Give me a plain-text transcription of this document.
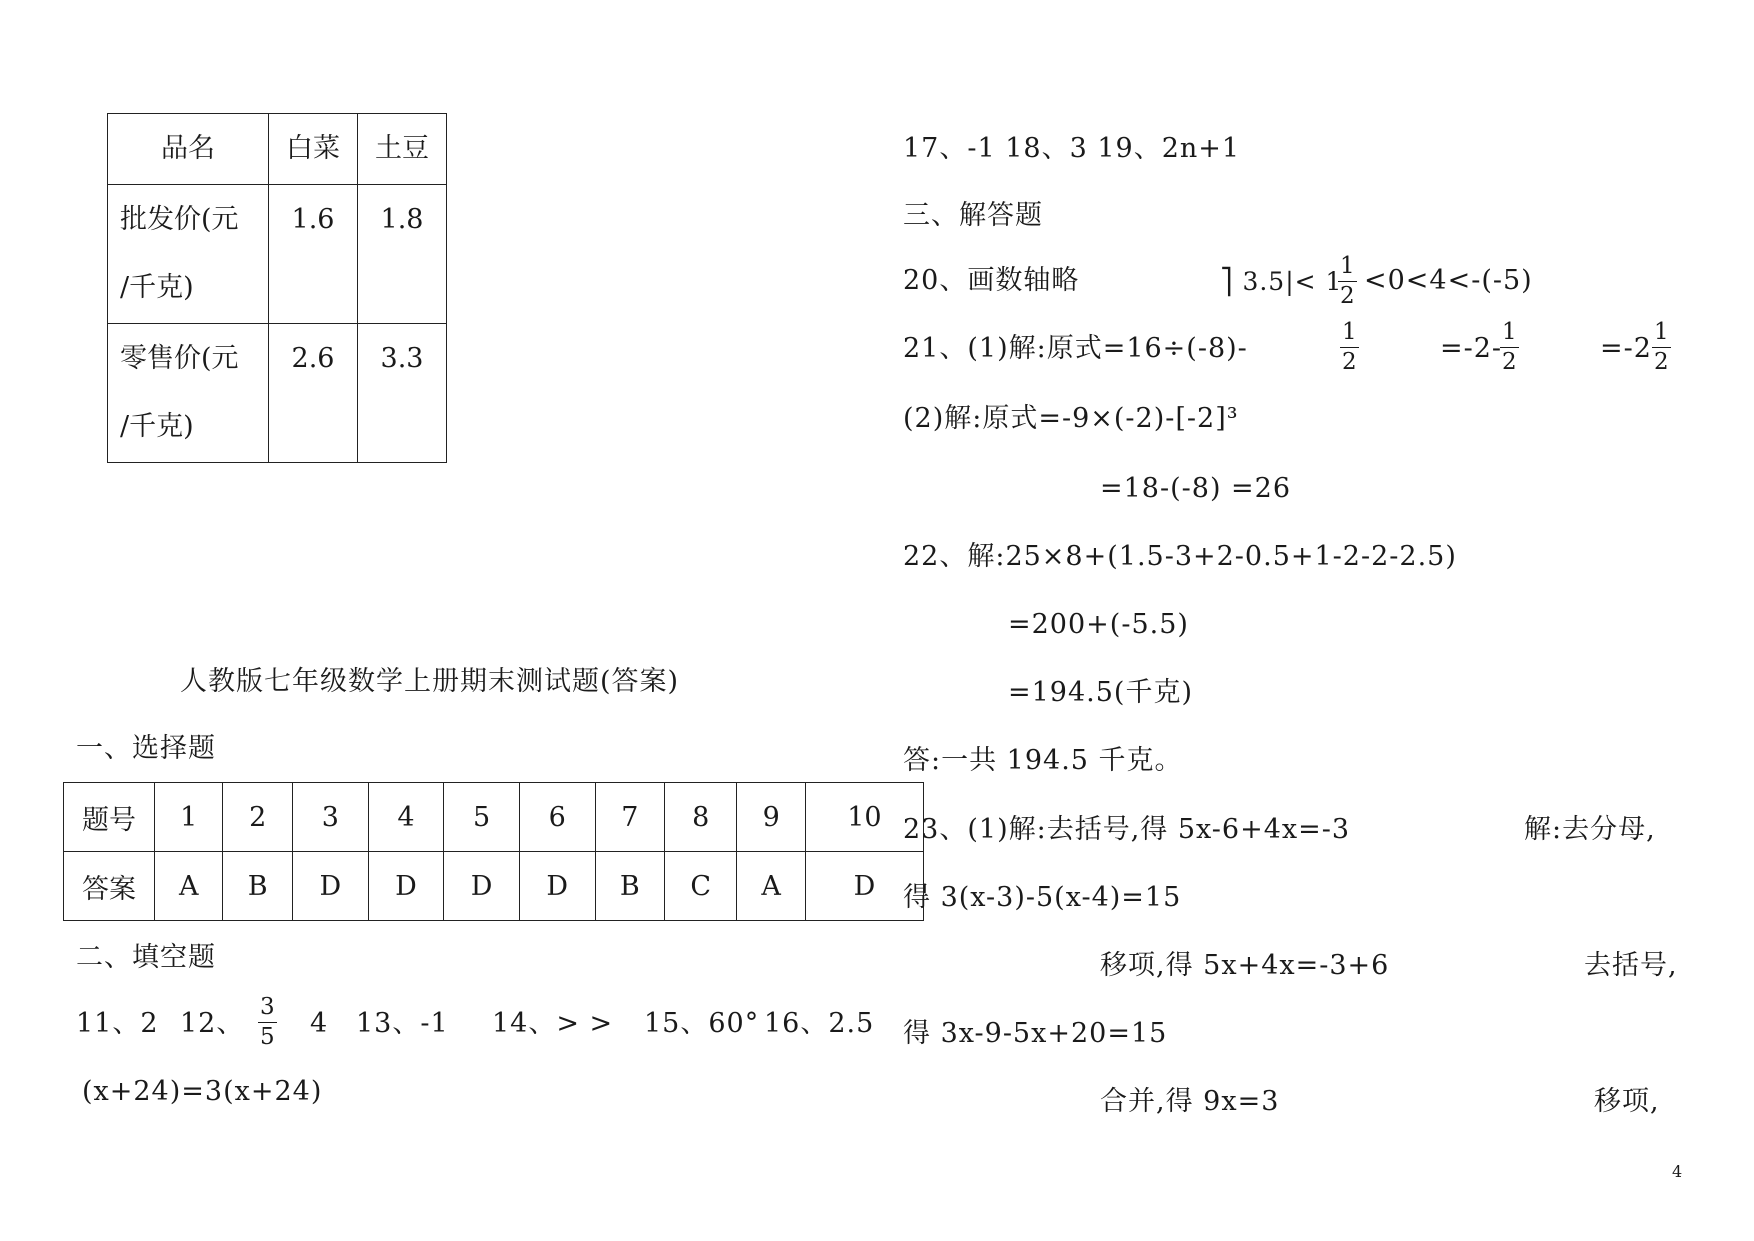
品名	白菜	土豆

批发价(元
/千克)	1.6	1.8

零售价(元
/千克)	2.6	3.3
人教版七年级数学上册期末测试题(答案)
一、选择题
题号	1	2	3	4	5	6	7	8	9	10
答案	A	B	D	D	D	D	B	C	A	D
二、填空题
11、2 12、 $\frac{3}{5} 4$ 13、-1 14、> > 15、60° 16、2.5
(x+24)=3(x+24)
17、-1 18、3 19、2n+1
三、解答题
20、画数轴略	⎤ 3.5|< 1
$\frac{1}{2} <0<4<-(-5)$
21、(1)解:原式=16÷(-8)-	$\frac{1}{2}$	=-2-
$\frac{1}{2}$	$=-2 \frac{1}{2}$
(2)解:原式=-9×(-2)-[-2]³
=18-(-8) =26
22、解:25×8+(1.5-3+2-0.5+1-2-2-2.5)
=200+(-5.5)
=194.5(千克)
答:一共 194.5 千克。
23、(1)解:去括号,得 5x-6+4x=-3	解:去分母,
得 3(x-3)-5(x-4)=15
移项,得 5x+4x=-3+6	去括号,
得 3x-9-5x+20=15
合并,得 9x=3	移项,
4
